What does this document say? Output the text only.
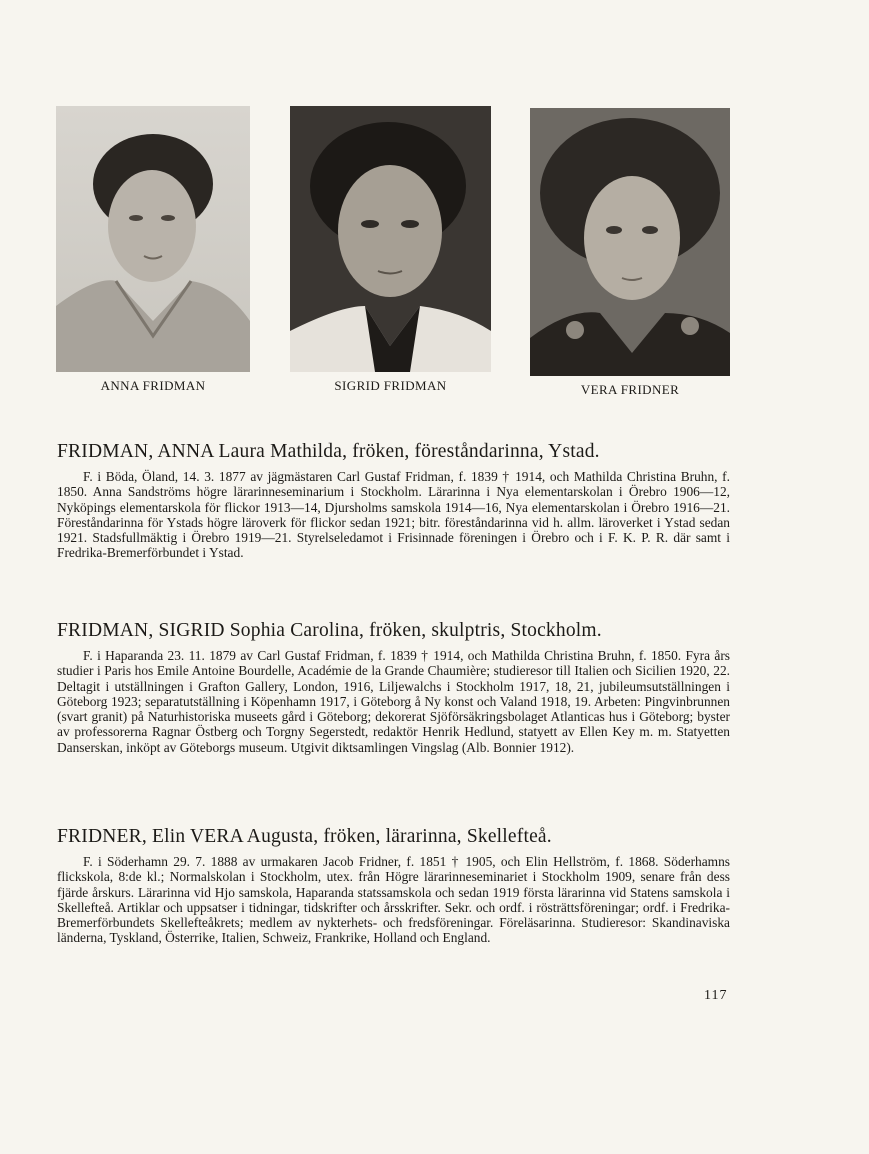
ANNA FRIDMAN	SIGRID FRIDMAN	VERA FRIDNER
FRIDMAN, ANNA Laura Mathilda, fröken, föreståndarinna, Ystad.

F. i Böda, Öland, 14. 3. 1877 av jägmästaren Carl Gustaf Fridman, f. 1839 † 1914, och Mathilda Christina Bruhn, f. 1850. Anna Sandströms högre lärarinneseminarium i Stockholm. Lärarinna i Nya elementarskolan i Örebro 1906—12, Nyköpings elementarskola för flickor 1913—14, Djursholms samskola 1914—16, Nya elementarskolan i Örebro 1916—21. Föreståndarinna för Ystads högre läroverk för flickor sedan 1921; bitr. föreståndarinna vid h. allm. läroverket i Ystad sedan 1921. Stadsfullmäktig i Örebro 1919—21. Styrelseledamot i Frisinnade föreningen i Örebro och i F. K. P. R. där samt i Fredrika-Bremerförbundet i Ystad.

FRIDMAN, SIGRID Sophia Carolina, fröken, skulptris, Stockholm.

F. i Haparanda 23. 11. 1879 av Carl Gustaf Fridman, f. 1839 † 1914, och Mathilda Christina Bruhn, f. 1850. Fyra års studier i Paris hos Emile Antoine Bourdelle, Académie de la Grande Chaumière; studieresor till Italien och Sicilien 1920, 22. Deltagit i utställningen i Grafton Gallery, London, 1916, Liljewalchs i Stockholm 1917, 18, 21, jubileumsutställningen i Göteborg 1923; separatutställning i Köpenhamn 1917, i Göteborg å Ny konst och Valand 1918, 19. Arbeten: Pingvinbrunnen (svart granit) på Naturhistoriska museets gård i Göteborg; dekorerat Sjöförsäkringsbolaget Atlanticas hus i Göteborg; byster av professorerna Ragnar Östberg och Torgny Segerstedt, redaktör Henrik Hedlund, statyett av Ellen Key m. m. Statyetten Danserskan, inköpt av Göteborgs museum. Utgivit diktsamlingen Vingslag (Alb. Bonnier 1912).

FRIDNER, Elin VERA Augusta, fröken, lärarinna, Skellefteå.

F. i Söderhamn 29. 7. 1888 av urmakaren Jacob Fridner, f. 1851 † 1905, och Elin Hellström, f. 1868. Söderhamns flickskola, 8:de kl.; Normalskolan i Stockholm, utex. från Högre lärarinneseminariet i Stockholm 1909, senare från dess fjärde årskurs. Lärarinna vid Hjo samskola, Haparanda statssamskola och sedan 1919 första lärarinna vid Statens samskola i Skellefteå. Artiklar och uppsatser i tidningar, tidskrifter och årsskrifter. Sekr. och ordf. i rösträttsföreningar; ordf. i Fredrika-Bremerförbundets Skellefteåkrets; medlem av nykterhets- och fredsföreningar. Föreläsarinna. Studieresor: Skandinaviska länderna, Tyskland, Österrike, Italien, Schweiz, Frankrike, Holland och England.

117
